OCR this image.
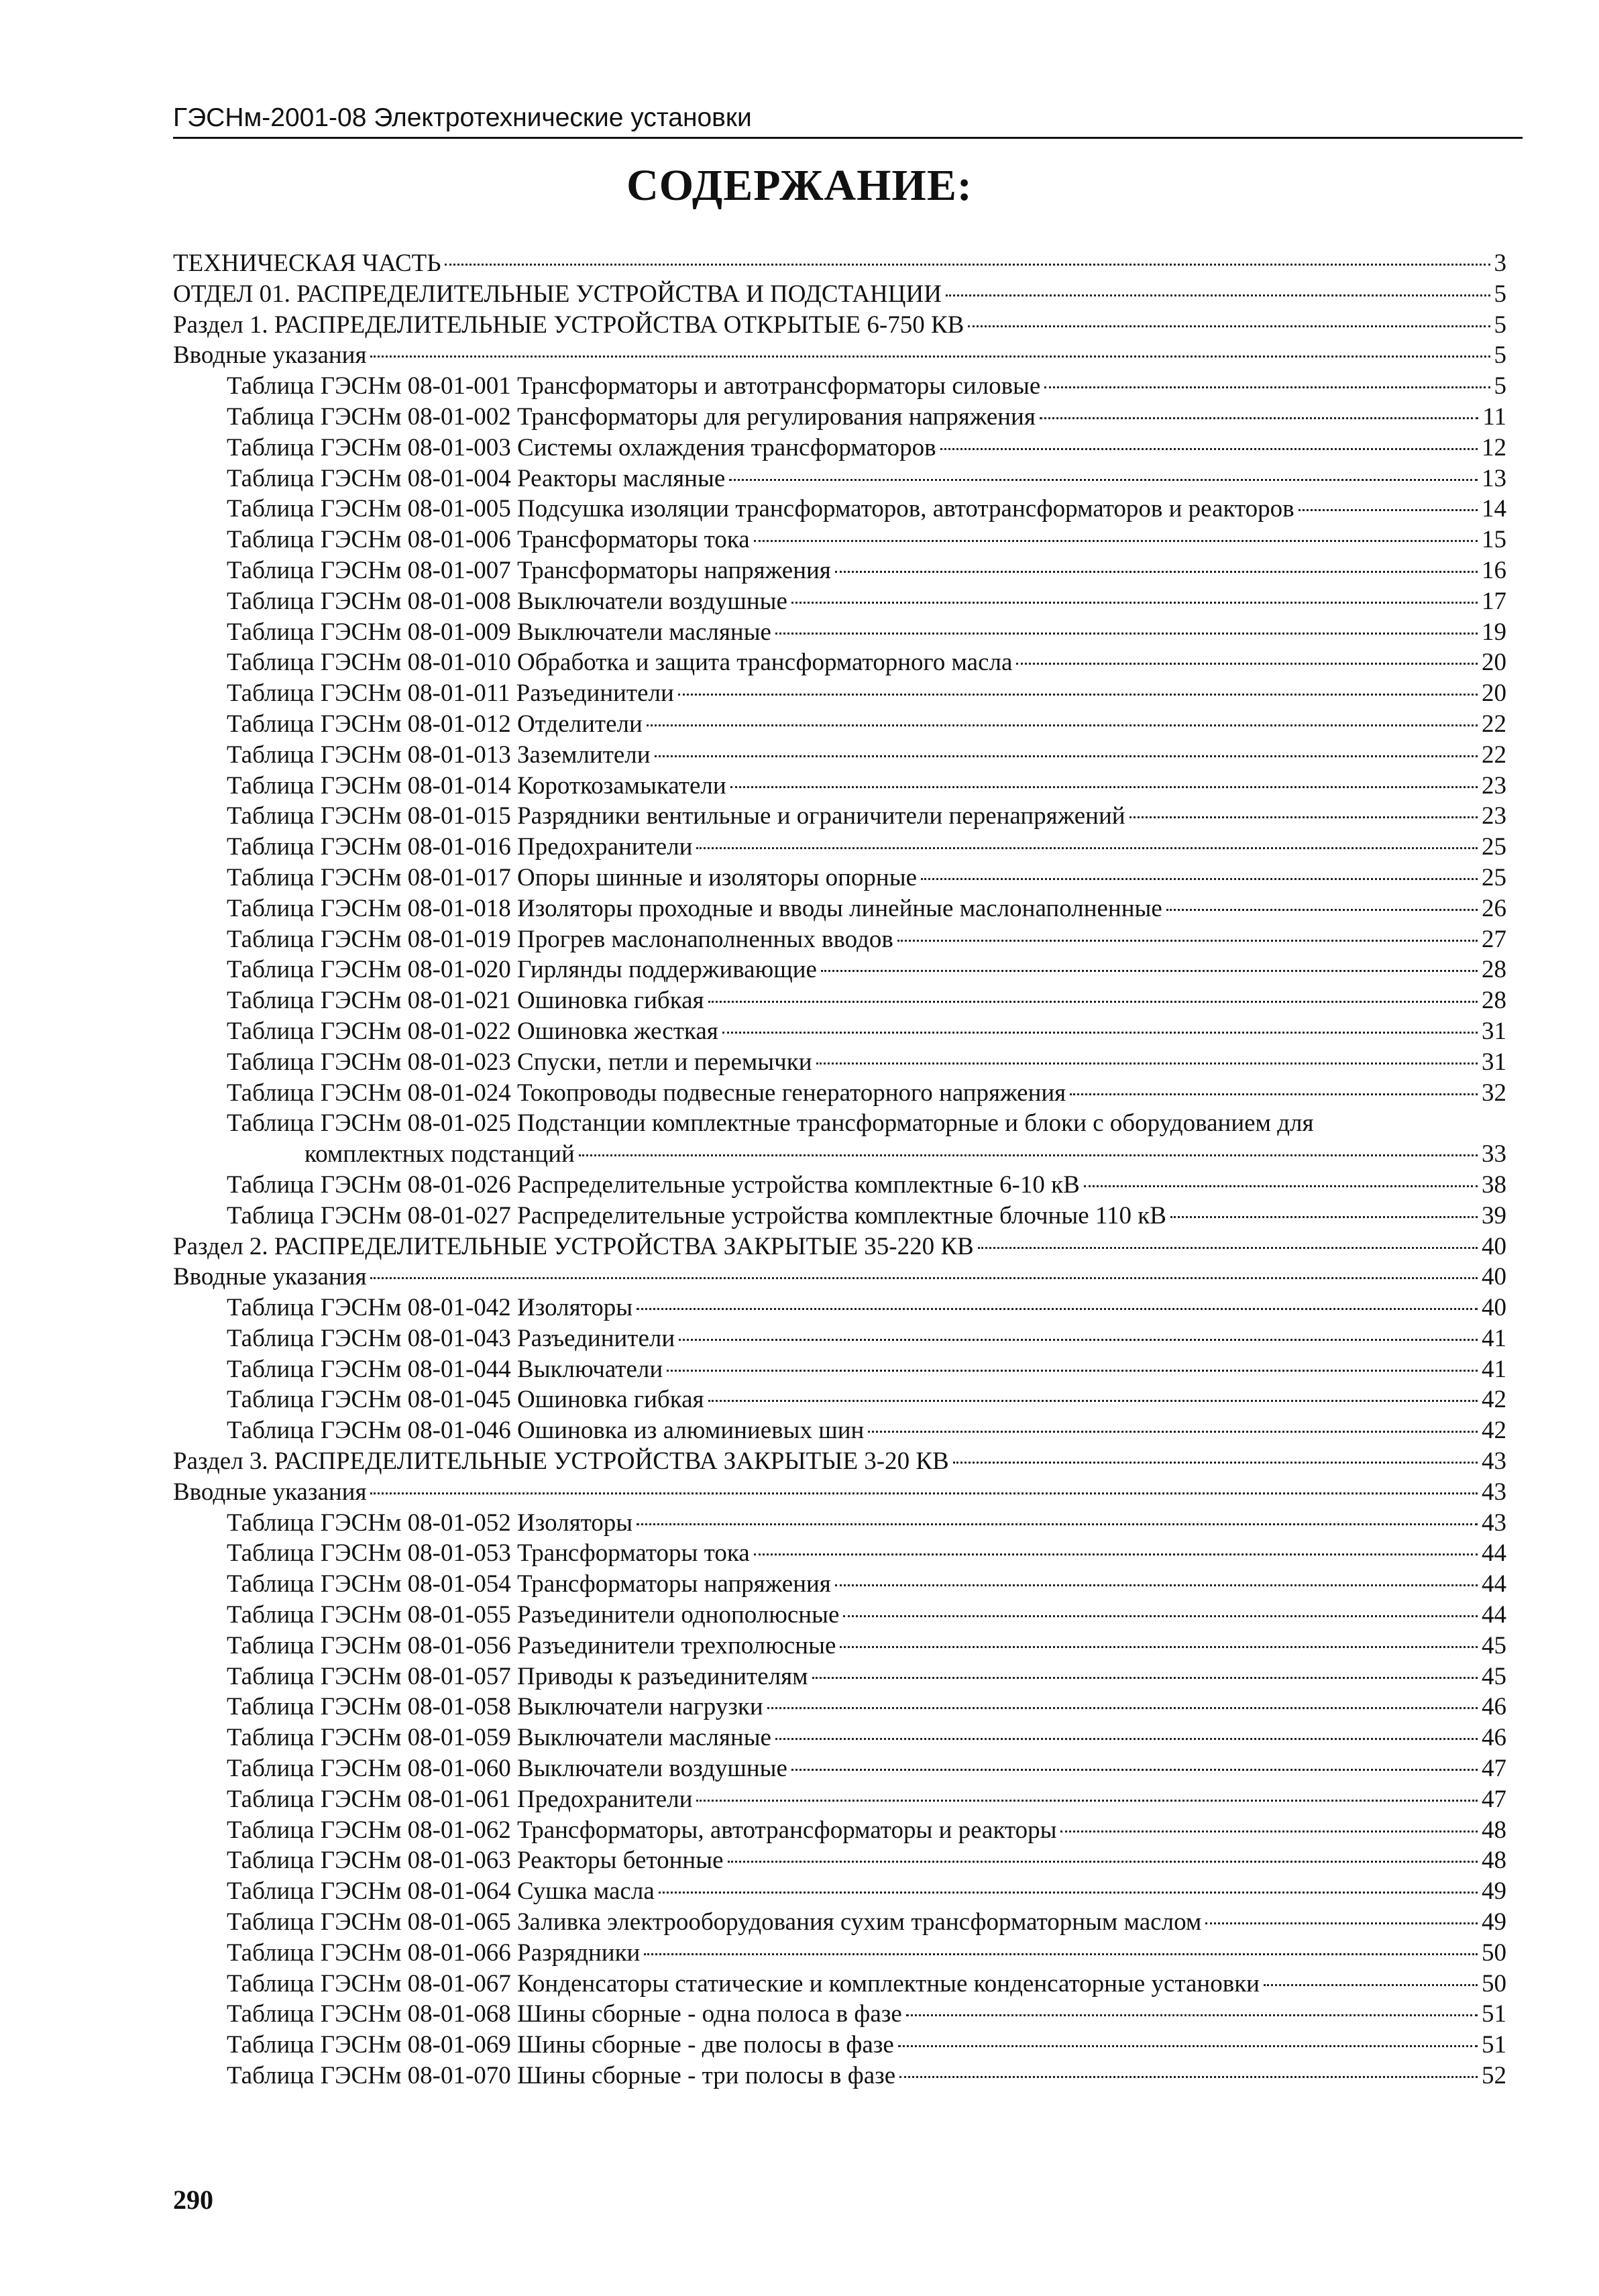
ГЭСНм-2001-08 Электротехнические установки
СОДЕРЖАНИЕ:
ТЕХНИЧЕСКАЯ ЧАСТЬ	3
ОТДЕЛ 01. РАСПРЕДЕЛИТЕЛЬНЫЕ УСТРОЙСТВА И ПОДСТАНЦИИ	5
Раздел 1. РАСПРЕДЕЛИТЕЛЬНЫЕ УСТРОЙСТВА ОТКРЫТЫЕ 6-750 КВ	5
Вводные указания	5
Таблица ГЭСНм 08-01-001 Трансформаторы и автотрансформаторы силовые	5
Таблица ГЭСНм 08-01-002 Трансформаторы для регулирования напряжения	11
Таблица ГЭСНм 08-01-003 Системы охлаждения трансформаторов	12
Таблица ГЭСНм 08-01-004 Реакторы масляные	13
Таблица ГЭСНм 08-01-005 Подсушка изоляции трансформаторов, автотрансформаторов и реакторов	14
Таблица ГЭСНм 08-01-006 Трансформаторы тока	15
Таблица ГЭСНм 08-01-007 Трансформаторы напряжения	16
Таблица ГЭСНм 08-01-008 Выключатели воздушные	17
Таблица ГЭСНм 08-01-009 Выключатели масляные	19
Таблица ГЭСНм 08-01-010 Обработка и защита трансформаторного масла	20
Таблица ГЭСНм 08-01-011 Разъединители	20
Таблица ГЭСНм 08-01-012 Отделители	22
Таблица ГЭСНм 08-01-013 Заземлители	22
Таблица ГЭСНм 08-01-014 Короткозамыкатели	23
Таблица ГЭСНм 08-01-015 Разрядники вентильные и ограничители перенапряжений	23
Таблица ГЭСНм 08-01-016 Предохранители	25
Таблица ГЭСНм 08-01-017 Опоры шинные и изоляторы опорные	25
Таблица ГЭСНм 08-01-018 Изоляторы проходные и вводы линейные маслонаполненные	26
Таблица ГЭСНм 08-01-019 Прогрев маслонаполненных вводов	27
Таблица ГЭСНм 08-01-020 Гирлянды поддерживающие	28
Таблица ГЭСНм 08-01-021 Ошиновка гибкая	28
Таблица ГЭСНм 08-01-022 Ошиновка жесткая	31
Таблица ГЭСНм 08-01-023 Спуски, петли и перемычки	31
Таблица ГЭСНм 08-01-024 Токопроводы подвесные генераторного напряжения	32
Таблица ГЭСНм 08-01-025 Подстанции комплектные трансформаторные и блоки с оборудованием для
комплектных подстанций	33
Таблица ГЭСНм 08-01-026 Распределительные устройства комплектные 6-10 кВ	38
Таблица ГЭСНм 08-01-027 Распределительные устройства комплектные блочные 110 кВ	39
Раздел 2. РАСПРЕДЕЛИТЕЛЬНЫЕ УСТРОЙСТВА ЗАКРЫТЫЕ 35-220 КВ	40
Вводные указания	40
Таблица ГЭСНм 08-01-042 Изоляторы	40
Таблица ГЭСНм 08-01-043 Разъединители	41
Таблица ГЭСНм 08-01-044 Выключатели	41
Таблица ГЭСНм 08-01-045 Ошиновка гибкая	42
Таблица ГЭСНм 08-01-046 Ошиновка из алюминиевых шин	42
Раздел 3. РАСПРЕДЕЛИТЕЛЬНЫЕ УСТРОЙСТВА ЗАКРЫТЫЕ 3-20 КВ	43
Вводные указания	43
Таблица ГЭСНм 08-01-052 Изоляторы	43
Таблица ГЭСНм 08-01-053 Трансформаторы тока	44
Таблица ГЭСНм 08-01-054 Трансформаторы напряжения	44
Таблица ГЭСНм 08-01-055 Разъединители однополюсные	44
Таблица ГЭСНм 08-01-056 Разъединители трехполюсные	45
Таблица ГЭСНм 08-01-057 Приводы к разъединителям	45
Таблица ГЭСНм 08-01-058 Выключатели нагрузки	46
Таблица ГЭСНм 08-01-059 Выключатели масляные	46
Таблица ГЭСНм 08-01-060 Выключатели воздушные	47
Таблица ГЭСНм 08-01-061 Предохранители	47
Таблица ГЭСНм 08-01-062 Трансформаторы, автотрансформаторы и реакторы	48
Таблица ГЭСНм 08-01-063 Реакторы бетонные	48
Таблица ГЭСНм 08-01-064 Сушка масла	49
Таблица ГЭСНм 08-01-065 Заливка электрооборудования сухим трансформаторным маслом	49
Таблица ГЭСНм 08-01-066 Разрядники	50
Таблица ГЭСНм 08-01-067 Конденсаторы статические и комплектные конденсаторные установки	50
Таблица ГЭСНм 08-01-068 Шины сборные - одна полоса в фазе	51
Таблица ГЭСНм 08-01-069 Шины сборные - две полосы в фазе	51
Таблица ГЭСНм 08-01-070 Шины сборные - три полосы в фазе	52
290
